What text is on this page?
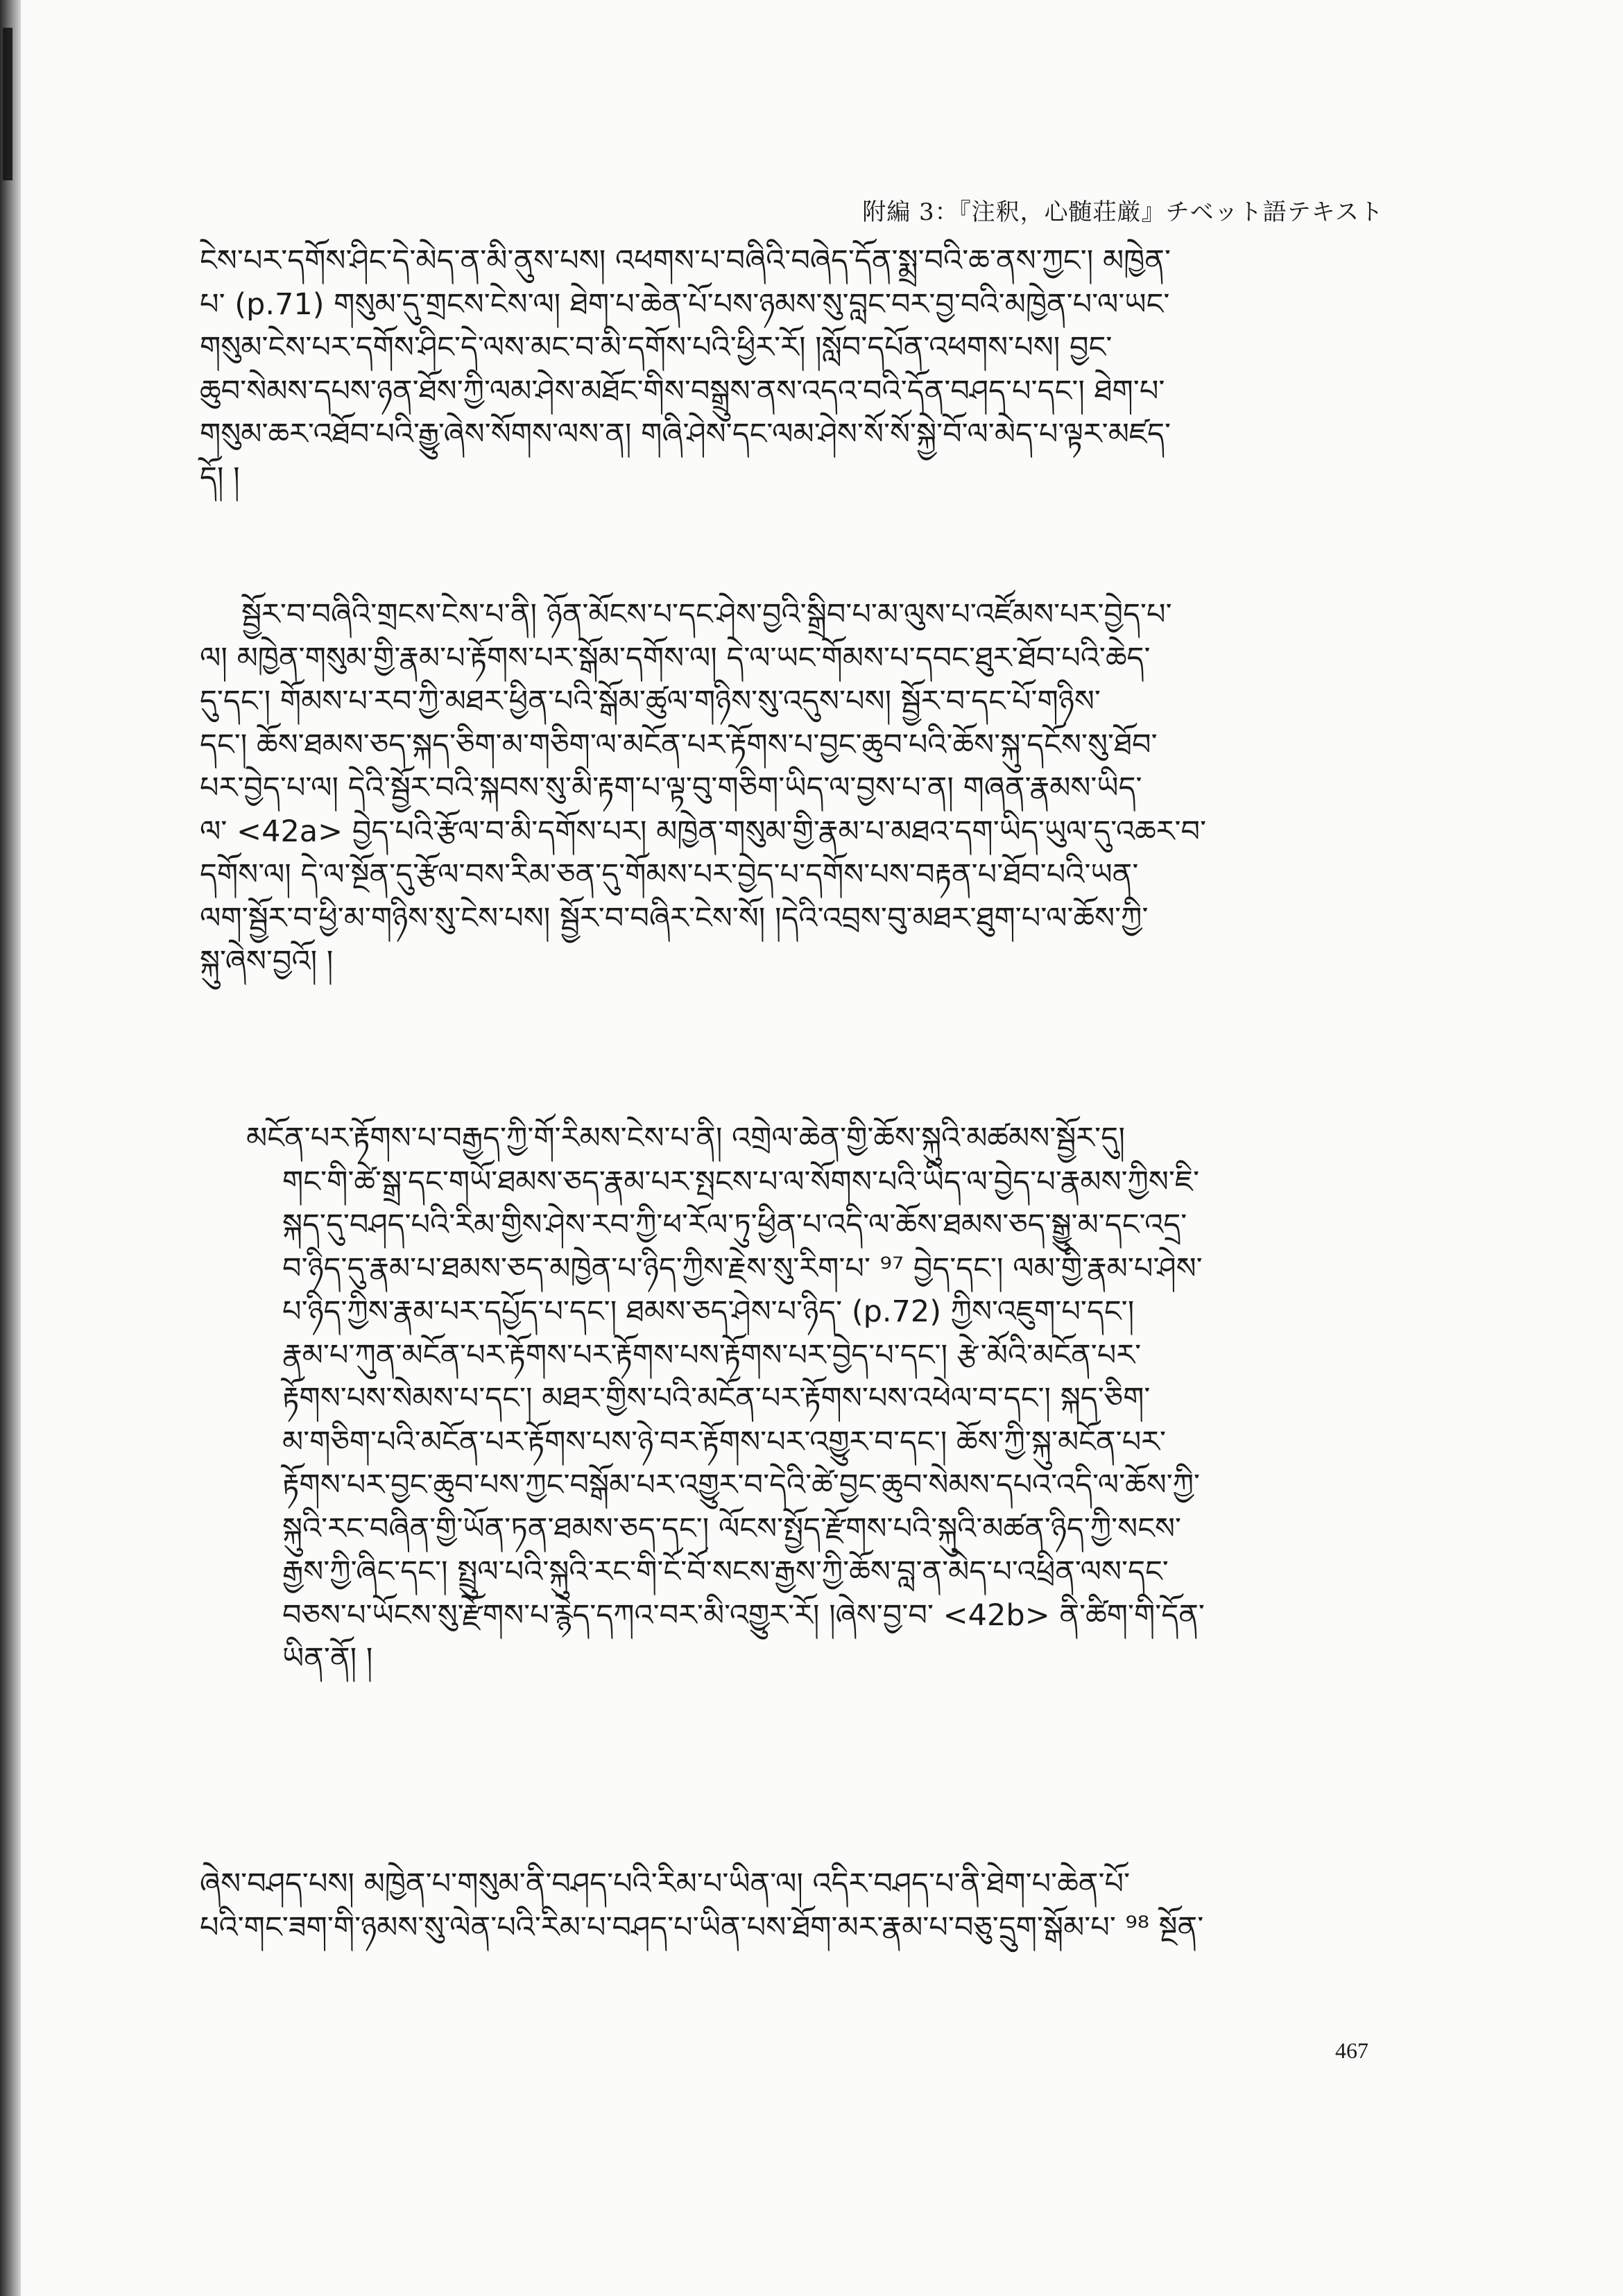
附編 3：『注釈，心髄荘厳』チベット語テキスト
ངེས་པར་དགོས་ཤིང་དེ་མེད་ན་མི་ནུས་པས། འཕགས་པ་བཞིའི་བཞེད་དོན་སྨྲ་བའི་ཆ་ནས་ཀྱང་། མཁྱེན་
པ་ (p.71) གསུམ་དུ་གྲངས་ངེས་ལ། ཐེག་པ་ཆེན་པོ་པས་ཉམས་སུ་བླང་བར་བྱ་བའི་མཁྱེན་པ་ལ་ཡང་
གསུམ་ངེས་པར་དགོས་ཤིང་དེ་ལས་མང་བ་མི་དགོས་པའི་ཕྱིར་རོ། །སློབ་དཔོན་འཕགས་པས། བྱང་
ཆུབ་སེམས་དཔས་ཉན་ཐོས་ཀྱི་ལམ་ཤེས་མཐོང་གིས་བསྒྲུས་ནས་འདའ་བའི་དོན་བཤད་པ་དང་། ཐེག་པ་
གསུམ་ཆར་འཐོབ་པའི་རྒྱུ་ཞེས་སོགས་ལས་ན། གཞི་ཤེས་དང་ལམ་ཤེས་སོ་སོ་སྐྱེ་བོ་ལ་མེད་པ་ལྟར་མཛད་
དོ། །
སྦྱོར་བ་བཞིའི་གྲངས་ངེས་པ་ནི། ཉོན་མོངས་པ་དང་ཤེས་བྱའི་སྒྲིབ་པ་མ་ལུས་པ་འཛོམས་པར་བྱེད་པ་
ལ། མཁྱེན་གསུམ་གྱི་རྣམ་པ་རྟོགས་པར་སྒོམ་དགོས་ལ། དེ་ལ་ཡང་གོམས་པ་དབང་ཐུར་ཐོབ་པའི་ཆེད་
དུ་དང་། གོམས་པ་རབ་ཀྱི་མཐར་ཕྱིན་པའི་སྒོམ་ཚུལ་གཉིས་སུ་འདུས་པས། སྦྱོར་བ་དང་པོ་གཉིས་
དང་། ཆོས་ཐམས་ཅད་སྐད་ཅིག་མ་གཅིག་ལ་མངོན་པར་རྟོགས་པ་བྱང་ཆུབ་པའི་ཆོས་སྐུ་དངོས་སུ་ཐོབ་
པར་བྱེད་པ་ལ། དེའི་སྦྱོར་བའི་སྐབས་སུ་མི་རྟག་པ་ལྟ་བུ་གཅིག་ཡིད་ལ་བྱས་པ་ན། གཞན་རྣམས་ཡིད་
ལ་ <42a> བྱེད་པའི་རྩོལ་བ་མི་དགོས་པར། མཁྱེན་གསུམ་གྱི་རྣམ་པ་མཐའ་དག་ཡིད་ཡུལ་དུ་འཆར་བ་
དགོས་ལ། དེ་ལ་སྔོན་དུ་རྩོལ་བས་རིམ་ཅན་དུ་གོམས་པར་བྱེད་པ་དགོས་པས་བརྟན་པ་ཐོབ་པའི་ཡན་
ལག་སྦྱོར་བ་ཕྱི་མ་གཉིས་སུ་ངེས་པས། སྦྱོར་བ་བཞིར་ངེས་སོ། །དེའི་འབྲས་བུ་མཐར་ཐུག་པ་ལ་ཆོས་ཀྱི་
སྐུ་ཞེས་བྱའོ། །
མངོན་པར་རྟོགས་པ་བརྒྱད་ཀྱི་གོ་རིམས་ངེས་པ་ནི། འགྲེལ་ཆེན་གྱི་ཆོས་སྐུའི་མཚམས་སྦྱོར་དུ།
གང་གི་ཚེ་སྒྲ་དང་གཡོ་ཐམས་ཅད་རྣམ་པར་སྤངས་པ་ལ་སོགས་པའི་ཡིད་ལ་བྱེད་པ་རྣམས་ཀྱིས་ཇི་
སྐད་དུ་བཤད་པའི་རིམ་གྱིས་ཤེས་རབ་ཀྱི་ཕ་རོལ་ཏུ་ཕྱིན་པ་འདི་ལ་ཆོས་ཐམས་ཅད་སྒྱུ་མ་དང་འདྲ་
བ་ཉིད་དུ་རྣམ་པ་ཐམས་ཅད་མཁྱེན་པ་ཉིད་ཀྱིས་རྗེས་སུ་རིག་པ་ ⁹⁷ བྱེད་དང་། ལམ་གྱི་རྣམ་པ་ཤེས་
པ་ཉིད་ཀྱིས་རྣམ་པར་དཔྱོད་པ་དང་། ཐམས་ཅད་ཤེས་པ་ཉིད་ (p.72) ཀྱིས་འཇུག་པ་དང་།
རྣམ་པ་ཀུན་མངོན་པར་རྟོགས་པར་རྟོགས་པས་རྟོགས་པར་བྱེད་པ་དང་། རྩེ་མོའི་མངོན་པར་
རྟོགས་པས་སེམས་པ་དང་། མཐར་གྱིས་པའི་མངོན་པར་རྟོགས་པས་འཕེལ་བ་དང་། སྐད་ཅིག་
མ་གཅིག་པའི་མངོན་པར་རྟོགས་པས་ཉེ་བར་རྟོགས་པར་འགྱུར་བ་དང་། ཆོས་ཀྱི་སྐུ་མངོན་པར་
རྟོགས་པར་བྱང་ཆུབ་པས་ཀྱང་བསྒོམ་པར་འགྱུར་བ་དེའི་ཚེ་བྱང་ཆུབ་སེམས་དཔའ་འདི་ལ་ཆོས་ཀྱི་
སྐུའི་རང་བཞིན་གྱི་ཡོན་ཏན་ཐམས་ཅད་དང་། ལོངས་སྤྱོད་རྫོགས་པའི་སྐུའི་མཚན་ཉིད་ཀྱི་སངས་
རྒྱས་ཀྱི་ཞིང་དང་། སྤྲུལ་པའི་སྐུའི་རང་གི་ངོ་བོ་སངས་རྒྱས་ཀྱི་ཆོས་བླ་ན་མེད་པ་འཕྲིན་ལས་དང་
བཅས་པ་ཡོངས་སུ་རྫོགས་པ་རྙེད་དཀའ་བར་མི་འགྱུར་རོ། །ཞེས་བྱ་བ་ <42b> ནི་ཚིག་གི་དོན་
ཡིན་ནོ། །
ཞེས་བཤད་པས། མཁྱེན་པ་གསུམ་ནི་བཤད་པའི་རིམ་པ་ཡིན་ལ། འདིར་བཤད་པ་ནི་ཐེག་པ་ཆེན་པོ་
པའི་གང་ཟག་གི་ཉམས་སུ་ལེན་པའི་རིམ་པ་བཤད་པ་ཡིན་པས་ཐོག་མར་རྣམ་པ་བཅུ་དྲུག་སྒོམ་པ་ ⁹⁸ སྔོན་
467
